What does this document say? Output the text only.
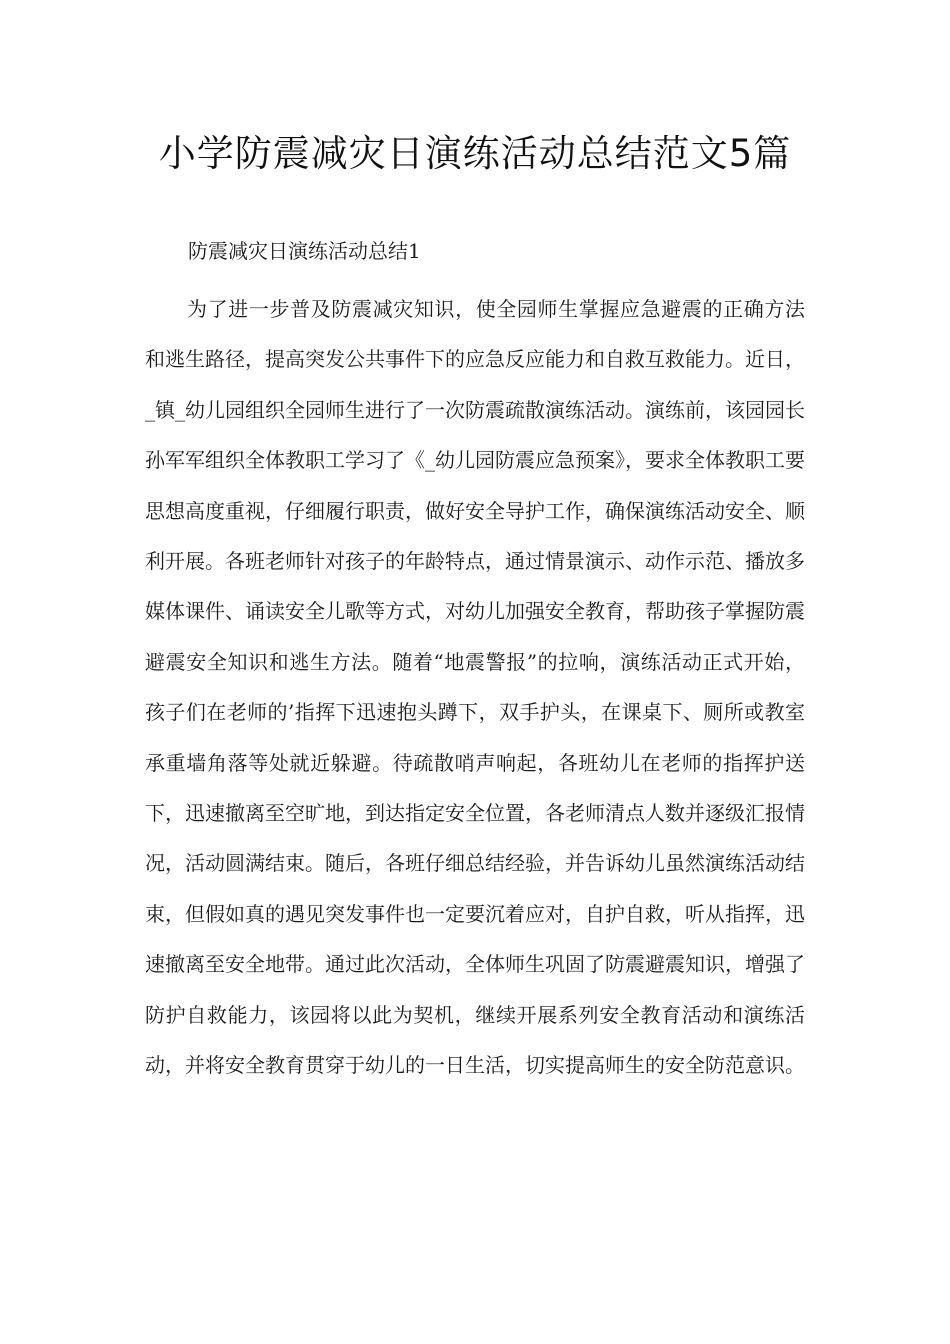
小学防震减灾日演练活动总结范文5篇
防震减灾日演练活动总结1

为了进一步普及防震减灾知识，使全园师生掌握应急避震的正确方法和逃生路径，提高突发公共事件下的应急反应能力和自救互救能力。近日，_镇_幼儿园组织全园师生进行了一次防震疏散演练活动。演练前，该园园长孙军军组织全体教职工学习了《_幼儿园防震应急预案》，要求全体教职工要思想高度重视，仔细履行职责，做好安全导护工作，确保演练活动安全、顺利开展。各班老师针对孩子的年龄特点，通过情景演示、动作示范、播放多媒体课件、诵读安全儿歌等方式，对幼儿加强安全教育，帮助孩子掌握防震避震安全知识和逃生方法。随着“地震警报”的拉响，演练活动正式开始，孩子们在老师的’指挥下迅速抱头蹲下，双手护头，在课桌下、厕所或教室承重墙角落等处就近躲避。待疏散哨声响起，各班幼儿在老师的指挥护送下，迅速撤离至空旷地，到达指定安全位置，各老师清点人数并逐级汇报情况，活动圆满结束。随后，各班仔细总结经验，并告诉幼儿虽然演练活动结束，但假如真的遇见突发事件也一定要沉着应对，自护自救，听从指挥，迅速撤离至安全地带。通过此次活动，全体师生巩固了防震避震知识，增强了防护自救能力，该园将以此为契机，继续开展系列安全教育活动和演练活动，并将安全教育贯穿于幼儿的一日生活，切实提高师生的安全防范意识。
